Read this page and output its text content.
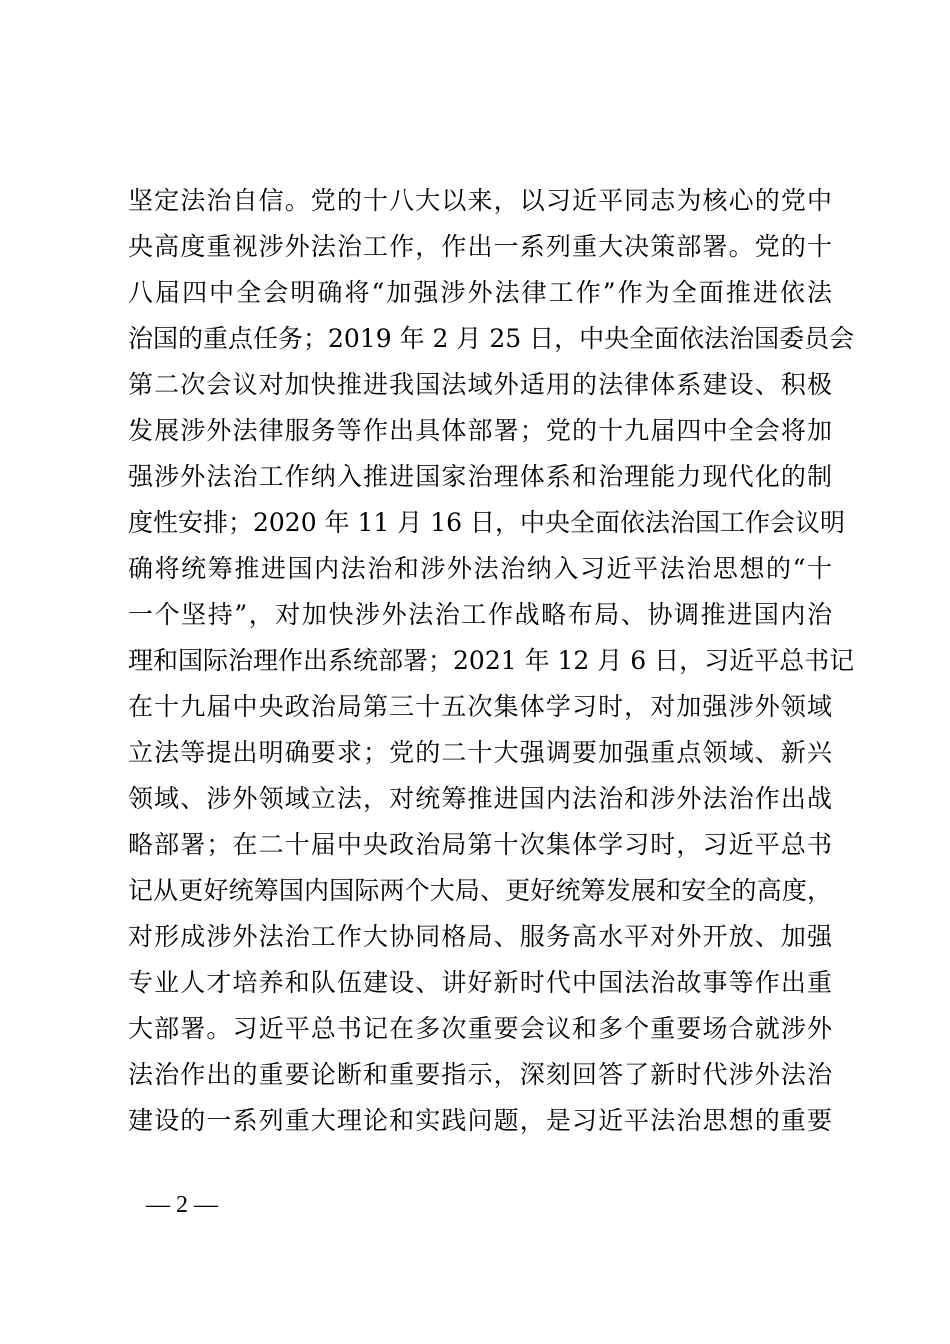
坚定法治自信。党的十八大以来，以习近平同志为核心的党中
央高度重视涉外法治工作，作出一系列重大决策部署。党的十
八届四中全会明确将“加强涉外法律工作”作为全面推进依法
治国的重点任务；2019 年 2 月 25 日，中央全面依法治国委员会
第二次会议对加快推进我国法域外适用的法律体系建设、积极
发展涉外法律服务等作出具体部署；党的十九届四中全会将加
强涉外法治工作纳入推进国家治理体系和治理能力现代化的制
度性安排；2020 年 11 月 16 日，中央全面依法治国工作会议明
确将统筹推进国内法治和涉外法治纳入习近平法治思想的“十
一个坚持”，对加快涉外法治工作战略布局、协调推进国内治
理和国际治理作出系统部署；2021 年 12 月 6 日，习近平总书记
在十九届中央政治局第三十五次集体学习时，对加强涉外领域
立法等提出明确要求；党的二十大强调要加强重点领域、新兴
领域、涉外领域立法，对统筹推进国内法治和涉外法治作出战
略部署；在二十届中央政治局第十次集体学习时，习近平总书
记从更好统筹国内国际两个大局、更好统筹发展和安全的高度，
对形成涉外法治工作大协同格局、服务高水平对外开放、加强
专业人才培养和队伍建设、讲好新时代中国法治故事等作出重
大部署。习近平总书记在多次重要会议和多个重要场合就涉外
法治作出的重要论断和重要指示，深刻回答了新时代涉外法治
建设的一系列重大理论和实践问题，是习近平法治思想的重要
— 2 —
